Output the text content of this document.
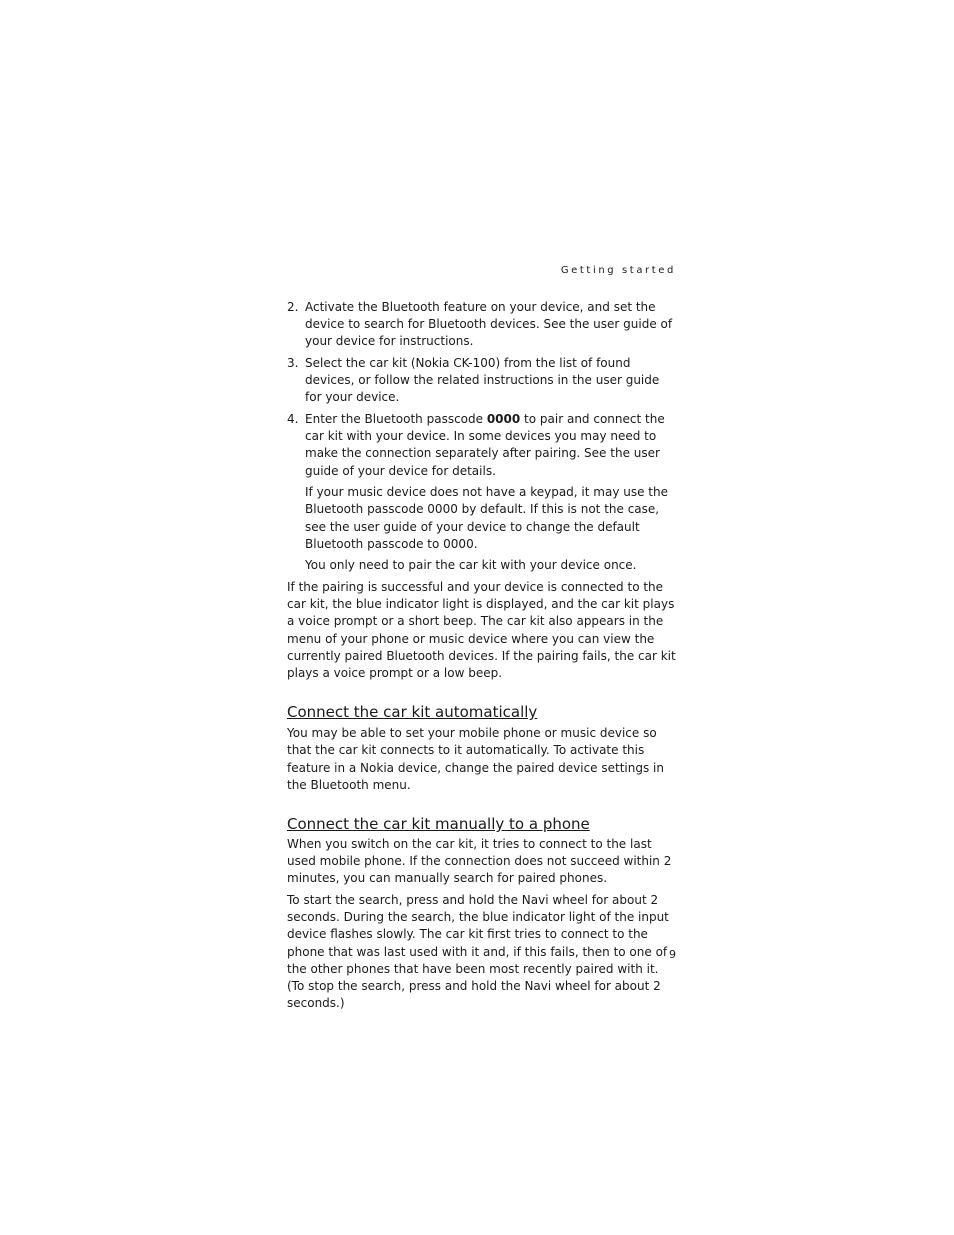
Getting started
2. Activate the Bluetooth feature on your device, and set the device to search for Bluetooth devices. See the user guide of your device for instructions.
3. Select the car kit (Nokia CK-100) from the list of found devices, or follow the related instructions in the user guide for your device.
4. Enter the Bluetooth passcode 0000 to pair and connect the car kit with your device. In some devices you may need to make the connection separately after pairing. See the user guide of your device for details.

If your music device does not have a keypad, it may use the Bluetooth passcode 0000 by default. If this is not the case, see the user guide of your device to change the default Bluetooth passcode to 0000.

You only need to pair the car kit with your device once.

If the pairing is successful and your device is connected to the car kit, the blue indicator light is displayed, and the car kit plays a voice prompt or a short beep. The car kit also appears in the menu of your phone or music device where you can view the currently paired Bluetooth devices. If the pairing fails, the car kit plays a voice prompt or a low beep.

Connect the car kit automatically

You may be able to set your mobile phone or music device so that the car kit connects to it automatically. To activate this feature in a Nokia device, change the paired device settings in the Bluetooth menu.

Connect the car kit manually to a phone

When you switch on the car kit, it tries to connect to the last used mobile phone. If the connection does not succeed within 2 minutes, you can manually search for paired phones.

To start the search, press and hold the Navi wheel for about 2 seconds. During the search, the blue indicator light of the input device flashes slowly. The car kit first tries to connect to the phone that was last used with it and, if this fails, then to one of the other phones that have been most recently paired with it. (To stop the search, press and hold the Navi wheel for about 2 seconds.)

9
